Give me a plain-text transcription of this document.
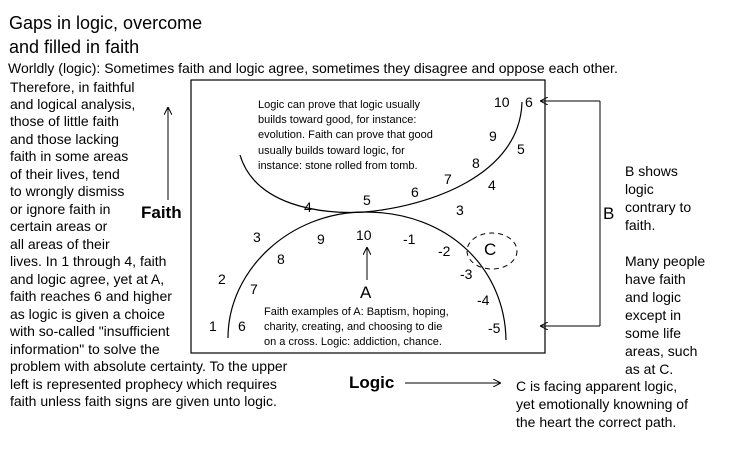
Gaps in logic, overcome
and filled in faith
Worldly (logic): Sometimes faith and logic agree, sometimes they disagree and oppose each other.
Therefore, in faithful
and logical analysis,
those of little faith
and those lacking
faith in some areas
of their lives, tend
to wrongly dismiss
or ignore faith in
certain areas or
all areas of their
lives. In 1 through 4, faith
and logic agree, yet at A,
faith reaches 6 and higher
as logic is given a choice
with so-called "insufficient
information" to solve the
problem with absolute certainty. To the upper
left is represented prophecy which requires
faith unless faith signs are given unto logic.
Faith
Logic
Logic can prove that logic usually
builds toward good, for instance:
evolution. Faith can prove that good
usually builds toward logic, for
instance: stone rolled from tomb.
Faith examples of A: Baptism, hoping,
charity, creating, and choosing to die
on a cross. Logic: addiction, chance.
4	5	6
7
8
9
10 6
5
4
3
1
2
3
6
7
8
9 10 -1
-2
-3
-4
-5
A
C
B
B shows
logic
contrary to
faith.
Many people
have faith
and logic
except in
some life
areas, such
as at C.
C is facing apparent logic,
yet emotionally knowning of
the heart the correct path.
